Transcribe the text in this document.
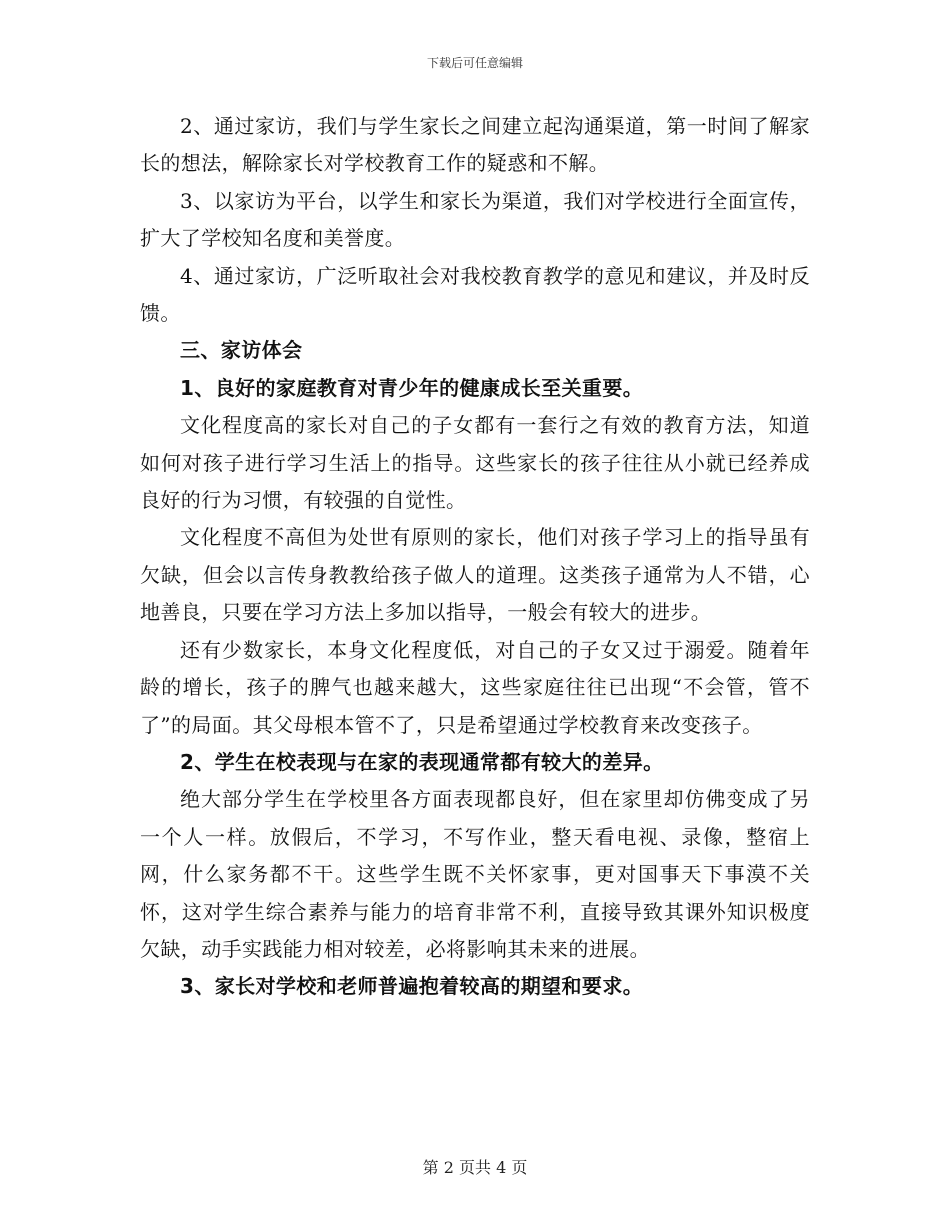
下载后可任意编辑

2、通过家访，我们与学生家长之间建立起沟通渠道，第一时间了解家长的想法，解除家长对学校教育工作的疑惑和不解。

3、以家访为平台，以学生和家长为渠道，我们对学校进行全面宣传，扩大了学校知名度和美誉度。

4、通过家访，广泛听取社会对我校教育教学的意见和建议，并及时反馈。

三、家访体会

1、良好的家庭教育对青少年的健康成长至关重要。

文化程度高的家长对自己的子女都有一套行之有效的教育方法，知道如何对孩子进行学习生活上的指导。这些家长的孩子往往从小就已经养成良好的行为习惯，有较强的自觉性。

文化程度不高但为处世有原则的家长，他们对孩子学习上的指导虽有欠缺，但会以言传身教教给孩子做人的道理。这类孩子通常为人不错，心地善良，只要在学习方法上多加以指导，一般会有较大的进步。

还有少数家长，本身文化程度低，对自己的子女又过于溺爱。随着年龄的增长，孩子的脾气也越来越大，这些家庭往往已出现“不会管，管不了”的局面。其父母根本管不了，只是希望通过学校教育来改变孩子。

2、学生在校表现与在家的表现通常都有较大的差异。

绝大部分学生在学校里各方面表现都良好，但在家里却仿佛变成了另一个人一样。放假后，不学习，不写作业，整天看电视、录像，整宿上网，什么家务都不干。这些学生既不关怀家事，更对国事天下事漠不关怀，这对学生综合素养与能力的培育非常不利，直接导致其课外知识极度欠缺，动手实践能力相对较差，必将影响其未来的进展。

3、家长对学校和老师普遍抱着较高的期望和要求。

第 2 页共 4 页
